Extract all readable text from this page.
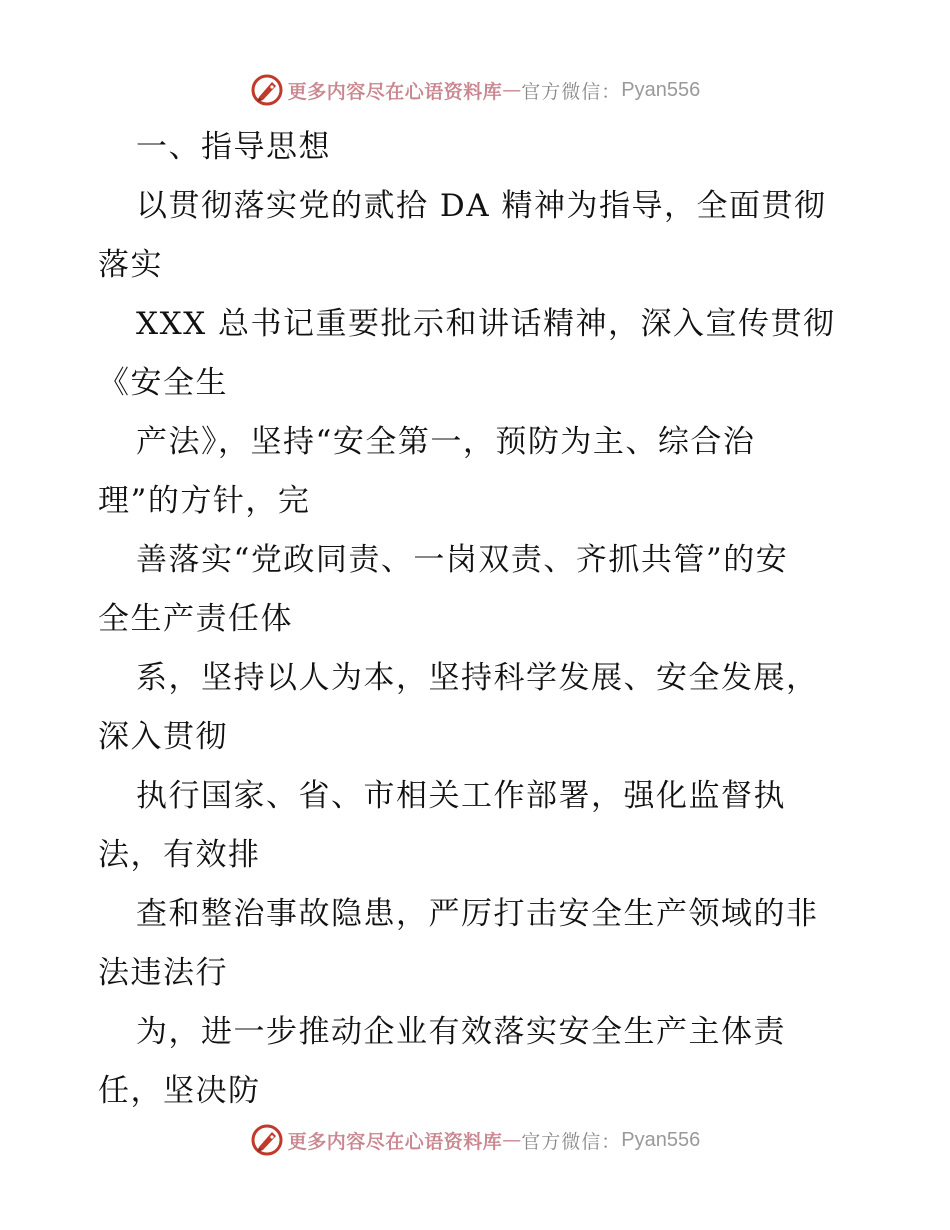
更多内容尽在心语资料库 — 官方微信： Pyan556
一、指导思想
以贯彻落实党的贰拾 DA 精神为指导，全面贯彻
落实
XXX 总书记重要批示和讲话精神，深入宣传贯彻
《安全生
产法》，坚持“安全第一，预防为主、综合治
理”的方针，完
善落实“党政同责、一岗双责、齐抓共管”的安
全生产责任体
系，坚持以人为本，坚持科学发展、安全发展，
深入贯彻
执行国家、省、市相关工作部署，强化监督执
法，有效排
查和整治事故隐患，严厉打击安全生产领域的非
法违法行
为，进一步推动企业有效落实安全生产主体责
任，坚决防
更多内容尽在心语资料库 — 官方微信： Pyan556
